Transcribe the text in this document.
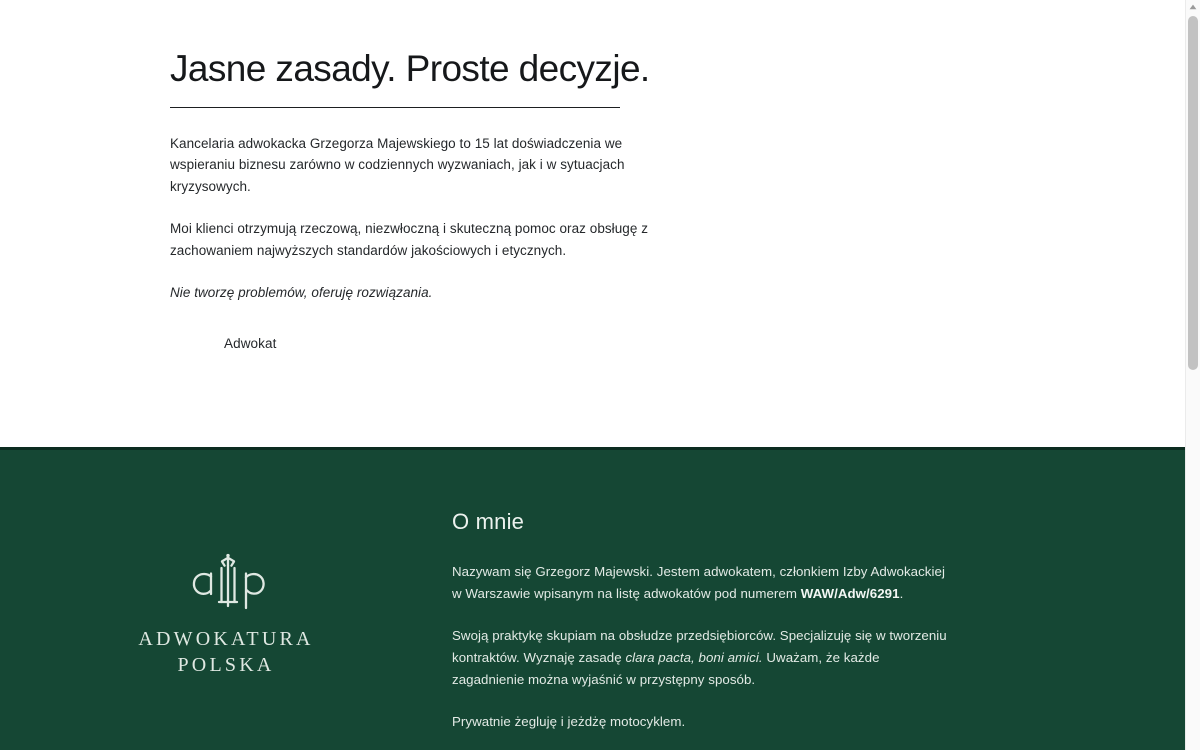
Jasne zasady. Proste decyzje.

Kancelaria adwokacka Grzegorza Majewskiego to 15 lat doświadczenia we wspieraniu biznesu zarówno w codziennych wyzwaniach, jak i w sytuacjach kryzysowych.

Moi klienci otrzymują rzeczową, niezwłoczną i skuteczną pomoc oraz obsługę z zachowaniem najwyższych standardów jakościowych i etycznych.

Nie tworzę problemów, oferuję rozwiązania.

Adwokat
ADWOKATURA
POLSKA
O mnie

Nazywam się Grzegorz Majewski. Jestem adwokatem, członkiem Izby Adwokackiej w Warszawie wpisanym na listę adwokatów pod numerem WAW/Adw/6291.

Swoją praktykę skupiam na obsłudze przedsiębiorców. Specjalizuję się w tworzeniu kontraktów. Wyznaję zasadę clara pacta, boni amici. Uważam, że każde zagadnienie można wyjaśnić w przystępny sposób.

Prywatnie żegluję i jeżdżę motocyklem.
